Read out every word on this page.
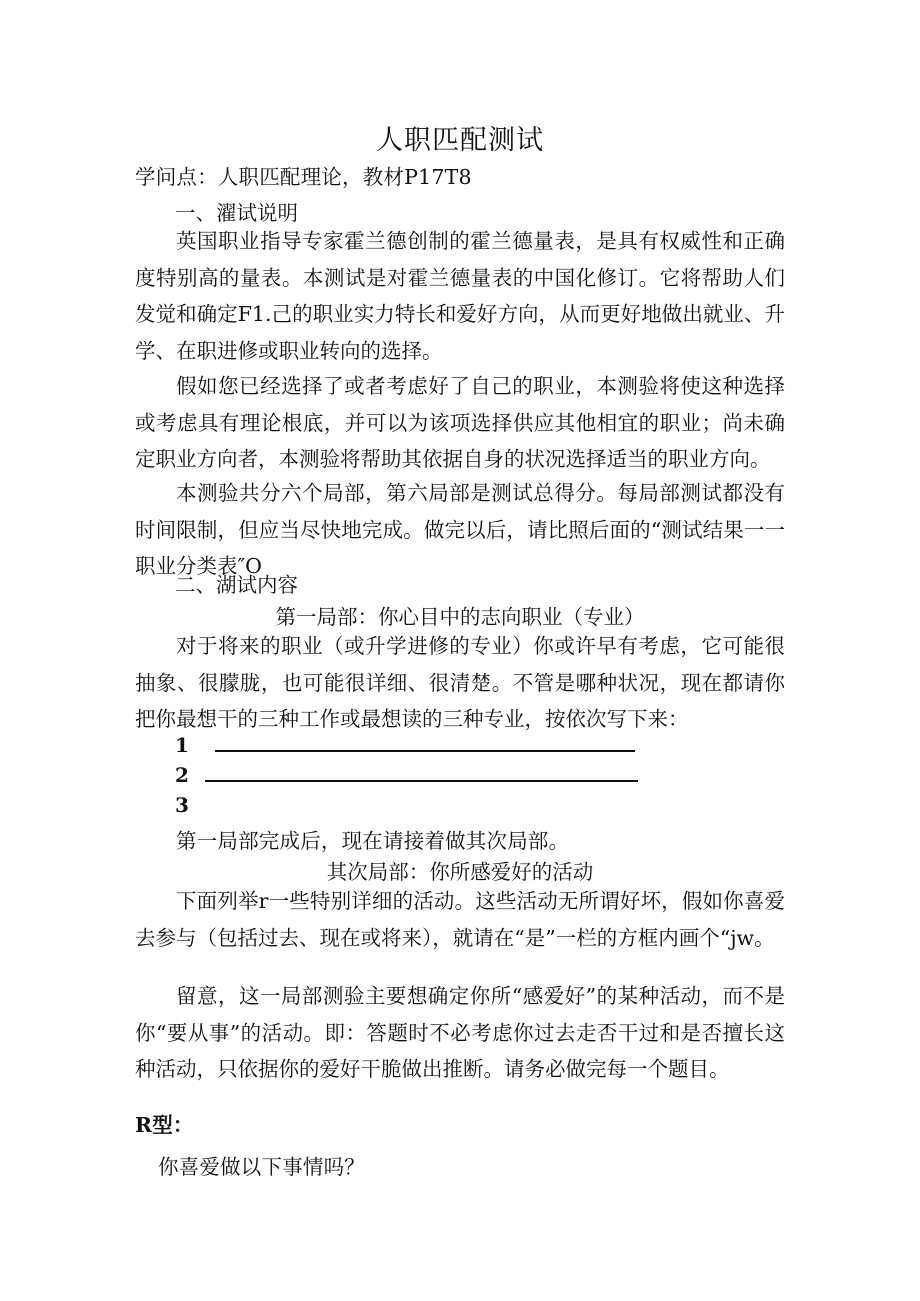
人职匹配测试
学问点：人职匹配理论，教材P17T8
一、濯试说明
英国职业指导专家霍兰德创制的霍兰德量表，是具有权威性和正确度特别高的量表。本测试是对霍兰德量表的中国化修订。它将帮助人们发觉和确定F1.己的职业实力特长和爱好方向，从而更好地做出就业、升学、在职进修或职业转向的选择。
假如您已经选择了或者考虑好了自己的职业，本测验将使这种选择或考虑具有理论根底，并可以为该项选择供应其他相宜的职业；尚未确定职业方向者，本测验将帮助其依据自身的状况选择适当的职业方向。
本测验共分六个局部，第六局部是测试总得分。每局部测试都没有时间限制，但应当尽快地完成。做完以后，请比照后面的“测试结果一一职业分类表″O
二、湖试内容
第一局部：你心目中的志向职业（专业）
对于将来的职业（或升学进修的专业）你或许早有考虑，它可能很抽象、很朦胧，也可能很详细、很清楚。不管是哪种状况，现在都请你把你最想干的三种工作或最想读的三种专业，按依次写下来：
1
2
3
第一局部完成后，现在请接着做其次局部。
其次局部：你所感爱好的活动
下面列举r一些特别详细的活动。这些活动无所谓好坏，假如你喜爱去参与（包括过去、现在或将来），就请在“是”一栏的方框内画个“jw。
留意，这一局部测验主要想确定你所“感爱好”的某种活动，而不是你“要从事”的活动。即：答题时不必考虑你过去走否干过和是否擅长这种活动，只依据你的爱好干脆做出推断。请务必做完每一个题目。
R型：
你喜爱做以下事情吗？
